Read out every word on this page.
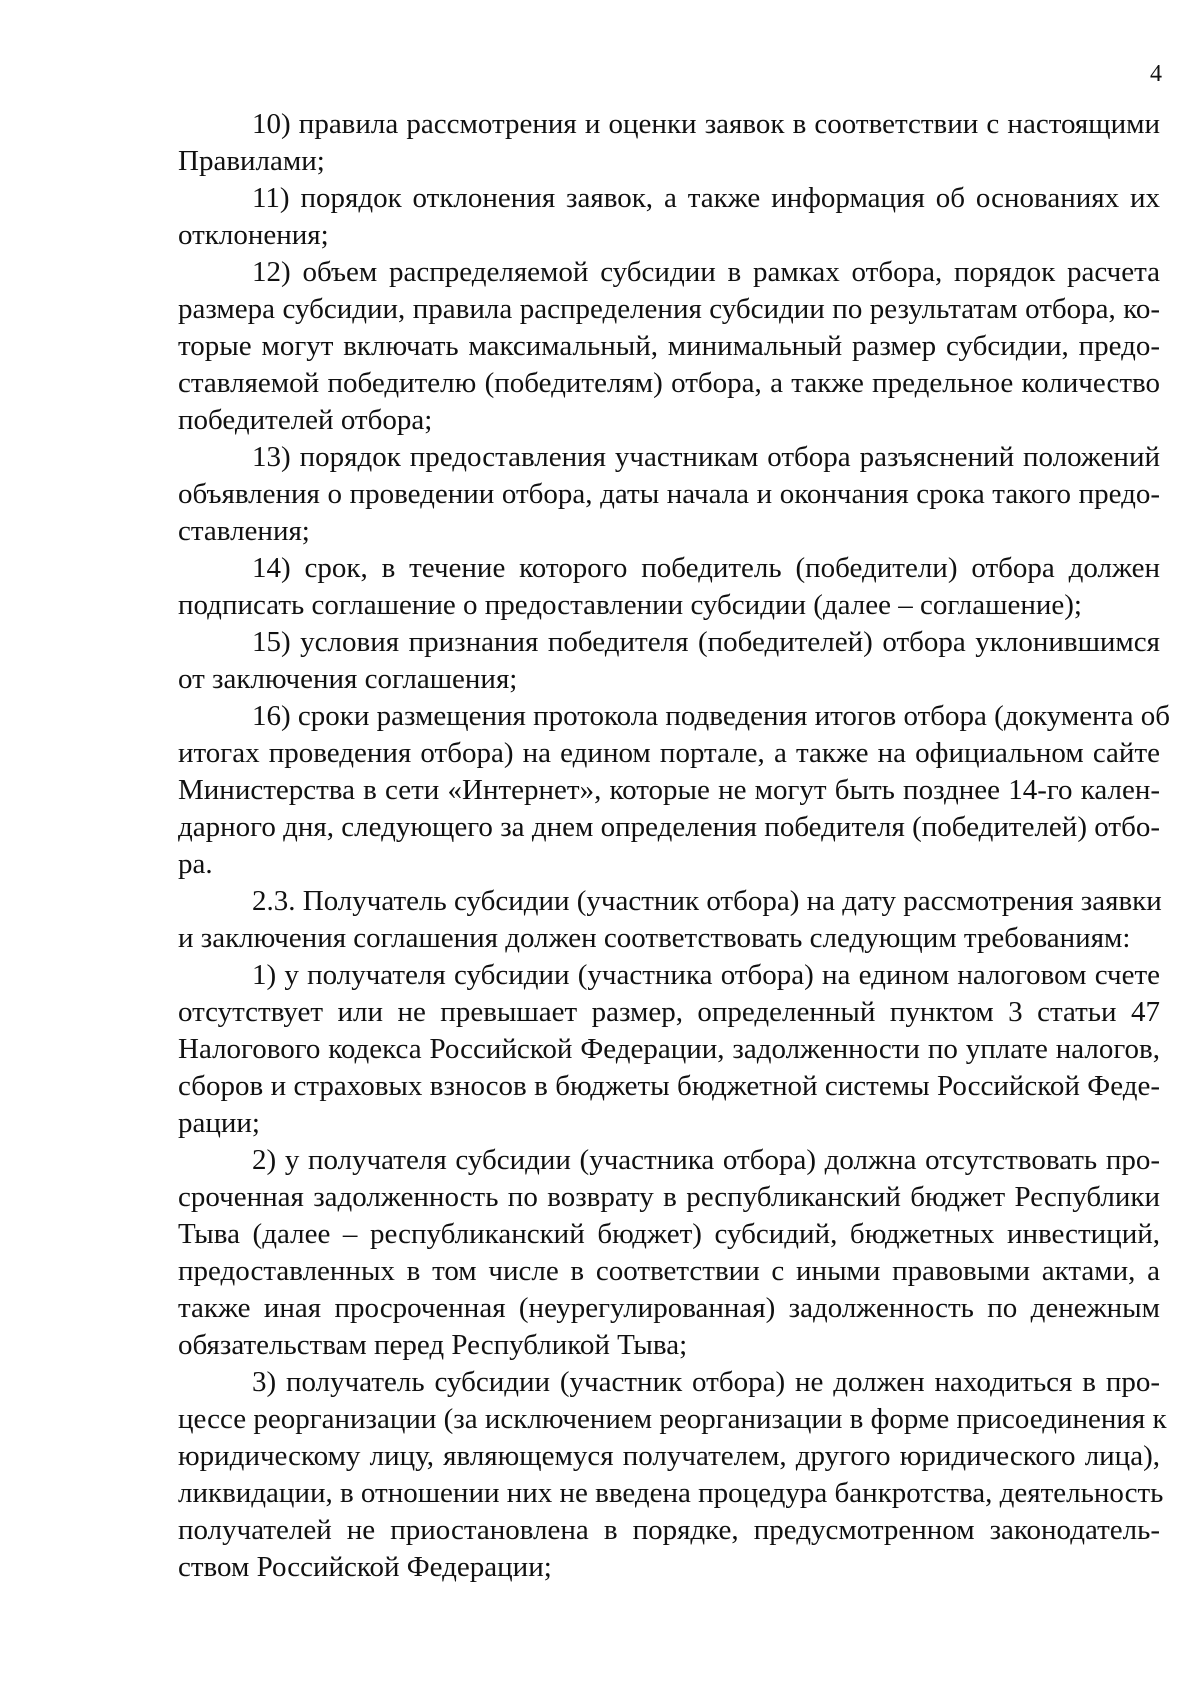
4
10) правила рассмотрения и оценки заявок в соответствии с настоящими
Правилами;
11) порядок отклонения заявок, а также информация об основаниях их
отклонения;
12) объем распределяемой субсидии в рамках отбора, порядок расчета
размера субсидии, правила распределения субсидии по результатам отбора, ко-
торые могут включать максимальный, минимальный размер субсидии, предо-
ставляемой победителю (победителям) отбора, а также предельное количество
победителей отбора;
13) порядок предоставления участникам отбора разъяснений положений
объявления о проведении отбора, даты начала и окончания срока такого предо-
ставления;
14) срок, в течение которого победитель (победители) отбора должен
подписать соглашение о предоставлении субсидии (далее – соглашение);
15) условия признания победителя (победителей) отбора уклонившимся
от заключения соглашения;
16) сроки размещения протокола подведения итогов отбора (документа об
итогах проведения отбора) на едином портале, а также на официальном сайте
Министерства в сети «Интернет», которые не могут быть позднее 14-го кален-
дарного дня, следующего за днем определения победителя (победителей) отбо-
ра.
2.3. Получатель субсидии (участник отбора) на дату рассмотрения заявки
и заключения соглашения должен соответствовать следующим требованиям:
1) у получателя субсидии (участника отбора) на едином налоговом счете
отсутствует или не превышает размер, определенный пунктом 3 статьи 47
Налогового кодекса Российской Федерации, задолженности по уплате налогов,
сборов и страховых взносов в бюджеты бюджетной системы Российской Феде-
рации;
2) у получателя субсидии (участника отбора) должна отсутствовать про-
сроченная задолженность по возврату в республиканский бюджет Республики
Тыва (далее – республиканский бюджет) субсидий, бюджетных инвестиций,
предоставленных в том числе в соответствии с иными правовыми актами, а
также иная просроченная (неурегулированная) задолженность по денежным
обязательствам перед Республикой Тыва;
3) получатель субсидии (участник отбора) не должен находиться в про-
цессе реорганизации (за исключением реорганизации в форме присоединения к
юридическому лицу, являющемуся получателем, другого юридического лица),
ликвидации, в отношении них не введена процедура банкротства, деятельность
получателей не приостановлена в порядке, предусмотренном законодатель-
ством Российской Федерации;
